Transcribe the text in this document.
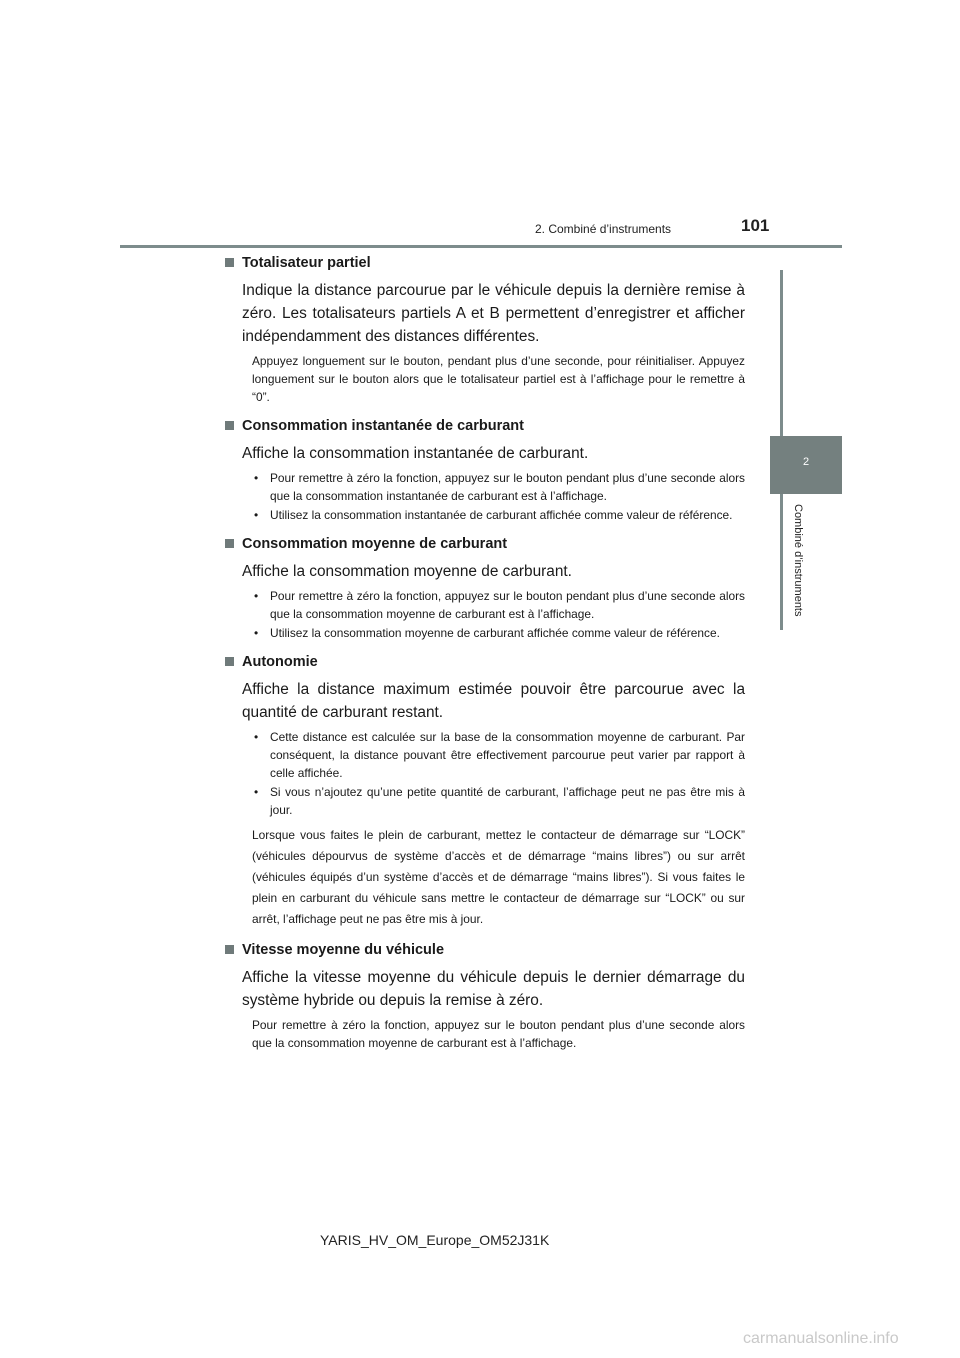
2. Combiné d’instruments	101
2
Combiné d’instruments
Totalisateur partiel

Indique la distance parcourue par le véhicule depuis la dernière remise à zéro. Les totalisateurs partiels A et B permettent d’enregistrer et afficher indépendamment des distances différentes.

Appuyez longuement sur le bouton, pendant plus d’une seconde, pour réinitialiser. Appuyez longuement sur le bouton alors que le totalisateur partiel est à l’affichage pour le remettre à “0”.

Consommation instantanée de carburant

Affiche la consommation instantanée de carburant.

• Pour remettre à zéro la fonction, appuyez sur le bouton pendant plus d’une seconde alors que la consommation instantanée de carburant est à l’affichage.
• Utilisez la consommation instantanée de carburant affichée comme valeur de référence.
Consommation moyenne de carburant

Affiche la consommation moyenne de carburant.

• Pour remettre à zéro la fonction, appuyez sur le bouton pendant plus d’une seconde alors que la consommation moyenne de carburant est à l’affichage.
• Utilisez la consommation moyenne de carburant affichée comme valeur de référence.
Autonomie

Affiche la distance maximum estimée pouvoir être parcourue avec la quantité de carburant restant.

• Cette distance est calculée sur la base de la consommation moyenne de carburant. Par conséquent, la distance pouvant être effectivement parcourue peut varier par rapport à celle affichée.
• Si vous n’ajoutez qu’une petite quantité de carburant, l’affichage peut ne pas être mis à jour.

Lorsque vous faites le plein de carburant, mettez le contacteur de démarrage sur “LOCK” (véhicules dépourvus de système d’accès et de démarrage “mains libres”) ou sur arrêt (véhicules équipés d’un système d’accès et de démarrage “mains libres”). Si vous faites le plein en carburant du véhicule sans mettre le contacteur de démarrage sur “LOCK” ou sur arrêt, l’affichage peut ne pas être mis à jour.

Vitesse moyenne du véhicule

Affiche la vitesse moyenne du véhicule depuis le dernier démarrage du système hybride ou depuis la remise à zéro.

Pour remettre à zéro la fonction, appuyez sur le bouton pendant plus d’une seconde alors que la consommation moyenne de carburant est à l’affichage.

YARIS_HV_OM_Europe_OM52J31K
carmanualsonline.info
